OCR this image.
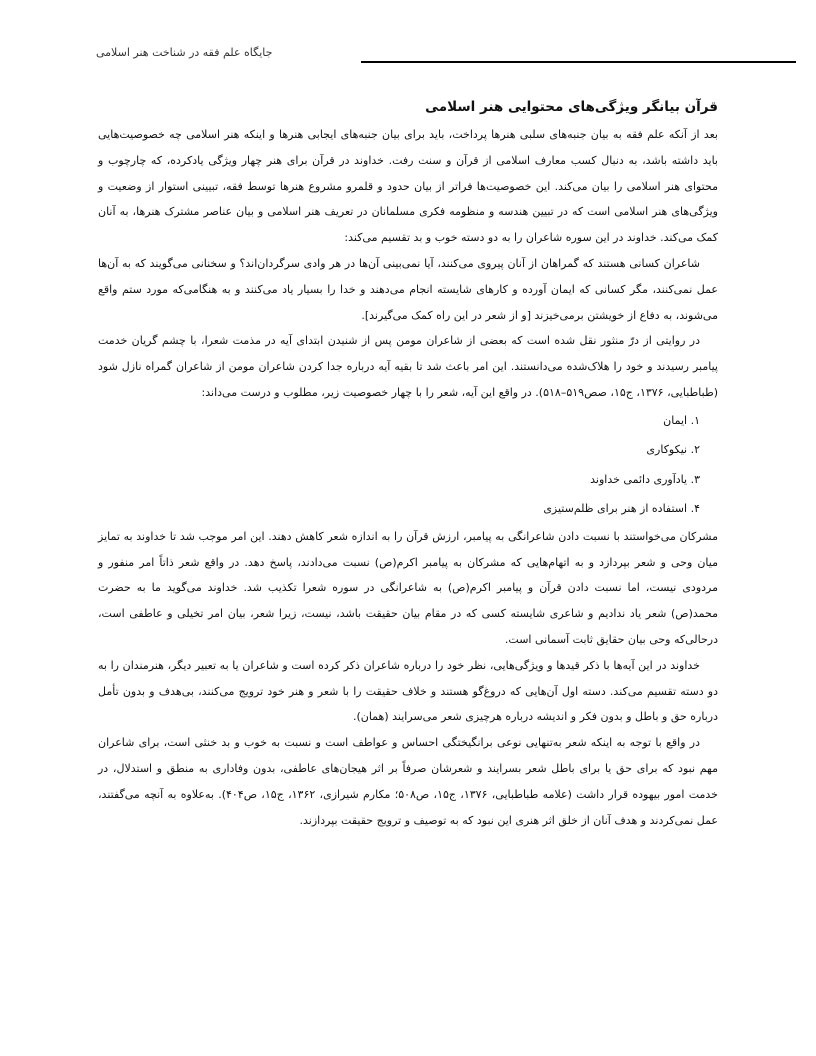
جایگاه علم فقه در شناخت هنر اسلامی
قرآن بیانگر ویژگی‌های محتوایی هنر اسلامی

بعد از آنکه علم فقه به بیان جنبه‌های سلبی هنرها پرداخت، باید برای بیان جنبه‌های ایجابی هنرها و اینکه هنر اسلامی چه خصوصیت‌هایی باید داشته باشد، به دنبال کسب معارف اسلامی از قرآن و سنت رفت. خداوند در قرآن برای هنر چهار ویژگی یادکرده، که چارچوب و محتوای هنر اسلامی را بیان می‌کند. این خصوصیت‌ها فراتر از بیان حدود و قلمرو مشروع هنرها توسط فقه، تبیینی استوار از وضعیت و ویژگی‌های هنر اسلامی است که در تبیین هندسه و منظومه فکری مسلمانان در تعریف هنر اسلامی و بیان عناصر مشترک هنرها، به آنان کمک می‌کند. خداوند در این سوره شاعران را به دو دسته خوب و بد تقسیم می‌کند:

شاعران کسانی هستند که گمراهان از آنان پیروی می‌کنند، آیا نمی‌بینی آن‌ها در هر وادی سرگردان‌اند؟ و سخنانی می‌گویند که به آن‌ها عمل نمی‌کنند، مگر کسانی که ایمان آورده و کارهای شایسته انجام می‌دهند و خدا را بسیار یاد می‌کنند و به هنگامی‌که مورد ستم واقع می‌شوند، به دفاع از خویشتن برمی‌خیزند [و از شعر در این راه کمک می‌گیرند].

در روایتی از درّ منثور نقل شده است که بعضی از شاعران مومن پس از شنیدن ابتدای آیه در مذمت شعرا، با چشم گریان خدمت پیامبر رسیدند و خود را هلاک‌شده می‌دانستند. این امر باعث شد تا بقیه آیه درباره جدا کردن شاعران مومن از شاعران گمراه نازل شود (طباطبایی، ۱۳۷۶، ج۱۵، صص۵۱۹–۵۱۸). در واقع این آیه، شعر را با چهار خصوصیت زیر، مطلوب و درست می‌داند:

۱. ایمان
۲. نیکوکاری
۳. یادآوری دائمی خداوند
۴. استفاده از هنر برای ظلم‌ستیزی

مشرکان می‌خواستند با نسبت دادن شاعرانگی به پیامبر، ارزش قرآن را به اندازه شعر کاهش دهند. این امر موجب شد تا خداوند به تمایز میان وحی و شعر بپردازد و به اتهام‌هایی که مشرکان به پیامبر اکرم(ص) نسبت می‌دادند، پاسخ دهد. در واقع شعر ذاتاً امر منفور و مردودی نیست، اما نسبت دادن قرآن و پیامبر اکرم(ص) به شاعرانگی در سوره شعرا تکذیب شد. خداوند می‌گوید ما به حضرت محمد(ص) شعر یاد ندادیم و شاعری شایسته کسی که در مقام بیان حقیقت باشد، نیست، زیرا شعر، بیان امر تخیلی و عاطفی است، درحالی‌که وحی بیان حقایق ثابت آسمانی است.

خداوند در این آیه‌ها با ذکر قیدها و ویژگی‌هایی، نظر خود را درباره شاعران ذکر کرده است و شاعران یا به تعبیر دیگر، هنرمندان را به دو دسته تقسیم می‌کند. دسته اول آن‌هایی که دروغ‌گو هستند و خلاف حقیقت را با شعر و هنر خود ترویج می‌کنند، بی‌هدف و بدون تأمل درباره حق و باطل و بدون فکر و اندیشه درباره هرچیزی شعر می‌سرایند (همان).

در واقع با توجه به اینکه شعر به‌تنهایی نوعی برانگیختگی احساس و عواطف است و نسبت به خوب و بد خنثی است، برای شاعران مهم نبود که برای حق یا برای باطل شعر بسرایند و شعرشان صرفاً بر اثر هیجان‌های عاطفی، بدون وفاداری به منطق و استدلال، در خدمت امور بیهوده قرار داشت (علامه طباطبایی، ۱۳۷۶، ج۱۵، ص۵۰۸؛ مکارم شیرازی، ۱۳۶۲، ج۱۵، ص۴۰۴). به‌علاوه به آنچه می‌گفتند، عمل نمی‌کردند و هدف آنان از خلق اثر هنری این نبود که به توصیف و ترویج حقیقت بپردازند.
